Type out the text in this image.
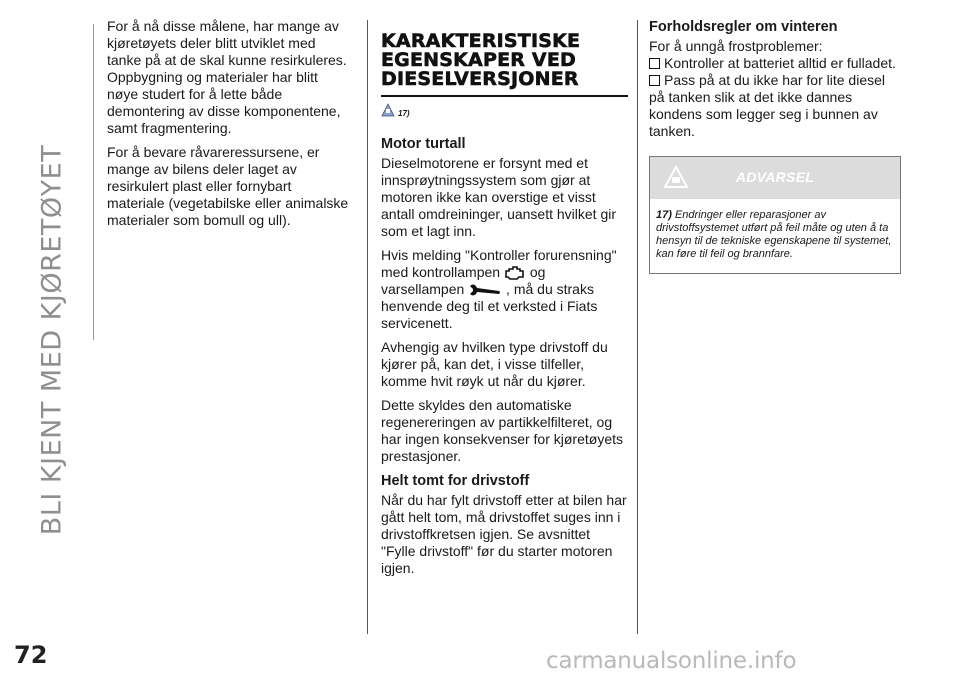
BLI KJENT MED KJØRETØYET
72

For å nå disse målene, har mange av kjøretøyets deler blitt utviklet med tanke på at de skal kunne resirkuleres. Oppbygning og materialer har blitt nøye studert for å lette både demontering av disse komponentene, samt fragmentering.

For å bevare råvareressursene, er mange av bilens deler laget av resirkulert plast eller fornybart materiale (vegetabilske eller animalske materialer som bomull og ull).

KARAKTERISTISKE EGENSKAPER VED DIESELVERSJONER
17)
Motor turtall

Dieselmotorene er forsynt med et innsprøytningssystem som gjør at motoren ikke kan overstige et visst antall omdreininger, uansett hvilket gir som et lagt inn.

Hvis melding "Kontroller forurensning" med kontrollampen og varsellampen	, må du straks henvende deg til et verksted i Fiats servicenett.

Avhengig av hvilken type drivstoff du kjører på, kan det, i visse tilfeller, komme hvit røyk ut når du kjører.

Dette skyldes den automatiske regenereringen av partikkelfilteret, og har ingen konsekvenser for kjøretøyets prestasjoner.

Helt tomt for drivstoff

Når du har fylt drivstoff etter at bilen har gått helt tom, må drivstoffet suges inn i drivstoffkretsen igjen. Se avsnittet "Fylle drivstoff" før du starter motoren igjen.

Forholdsregler om vinteren
For å unngå frostproblemer:
Kontroller at batteriet alltid er fulladet.
Pass på at du ikke har for lite diesel

på tanken slik at det ikke dannes kondens som legger seg i bunnen av tanken.

ADVARSEL
17) Endringer eller reparasjoner av drivstoffsystemet utført på feil måte og uten å ta hensyn til de tekniske egenskapene til systemet, kan føre til feil og brannfare.
carmanualsonline.info
